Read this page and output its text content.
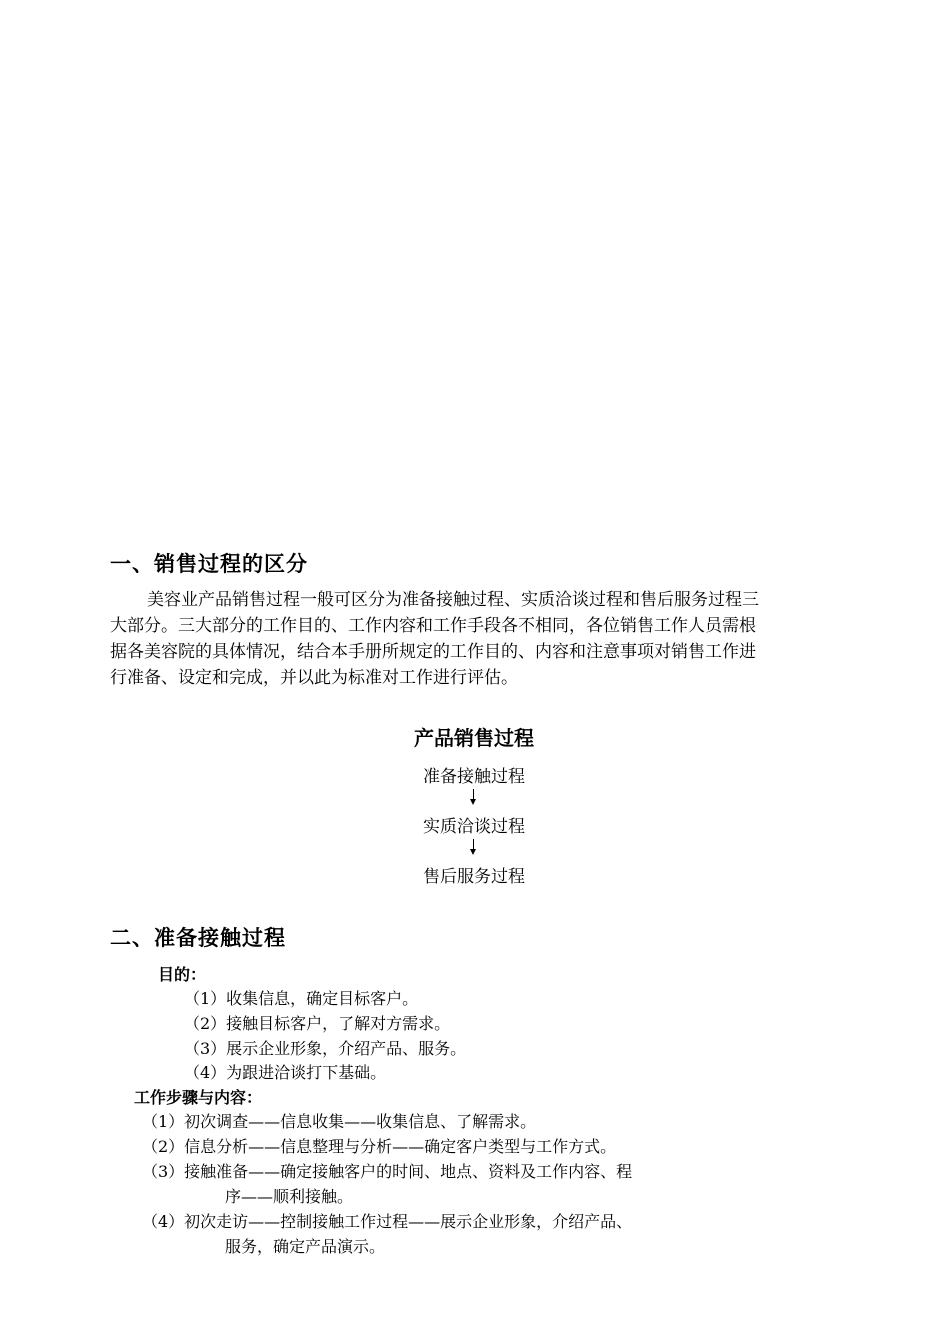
一、销售过程的区分
美容业产品销售过程一般可区分为准备接触过程、实质洽谈过程和售后服务过程三
大部分。三大部分的工作目的、工作内容和工作手段各不相同，各位销售工作人员需根
据各美容院的具体情况，结合本手册所规定的工作目的、内容和注意事项对销售工作进
行准备、设定和完成，并以此为标准对工作进行评估。
产品销售过程
准备接触过程
实质洽谈过程
售后服务过程
二、准备接触过程
目的：
（1）收集信息，确定目标客户。
（2）接触目标客户，了解对方需求。
（3）展示企业形象，介绍产品、服务。
（4）为跟进洽谈打下基础。
工作步骤与内容：
（1）初次调查——信息收集——收集信息、了解需求。
（2）信息分析——信息整理与分析——确定客户类型与工作方式。
（3）接触准备——确定接触客户的时间、地点、资料及工作内容、程
序——顺利接触。
（4）初次走访——控制接触工作过程——展示企业形象，介绍产品、
服务，确定产品演示。
